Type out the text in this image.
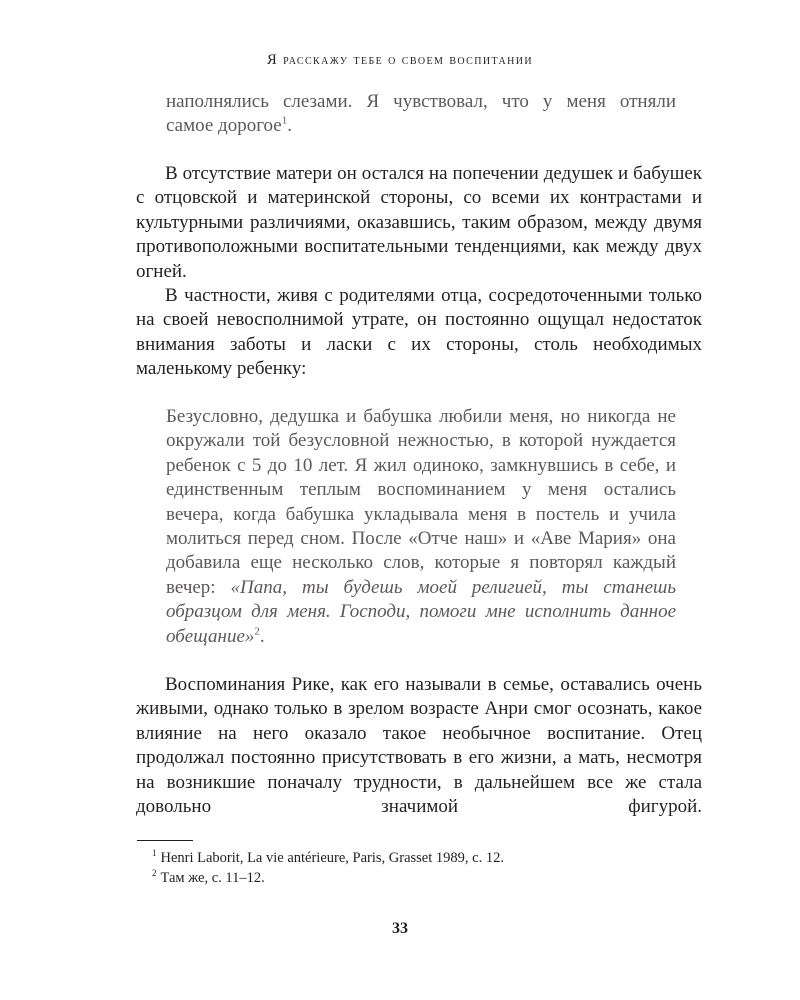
Я расскажу тебе о своем воспитании

наполнялись слезами. Я чувствовал, что у меня отняли

самое дорогое$^1$.

В отсутствие матери он остался на попечении дедушек и бабушек с отцовской и материнской стороны, со всеми их контрастами и культурными различиями, оказавшись, таким образом, между двумя противоположными воспитательными тенденциями, как между двух огней.

В частности, живя с родителями отца, сосредоточенными только на своей невосполнимой утрате, он постоянно ощущал недостаток внимания заботы и ласки с их стороны, столь необходимых маленькому ребенку:

Безусловно, дедушка и бабушка любили меня, но никогда не окружали той безусловной нежностью, в которой нуждается ребенок с 5 до 10 лет. Я жил одиноко, замкнувшись в себе, и единственным теплым воспоминанием у меня остались вечера, когда бабушка укладывала меня в постель и учила молиться перед сном. После «Отче наш» и «Аве Мария» она добавила еще несколько слов, которые я повторял каждый вечер: «Папа, ты будешь моей религией, ты станешь образцом для меня. Господи, помоги мне исполнить данное обещание»$^2$.

Воспоминания Рике, как его называли в семье, оставались очень живыми, однако только в зрелом возрасте Анри смог осознать, какое влияние на него оказало такое необычное воспитание. Отец продолжал постоянно присутствовать в его жизни, а мать, несмотря на возникшие поначалу трудности, в дальнейшем все же стала довольно значимой фигурой.

$^1$ Henri Laborit, La vie antérieure, Paris, Grasset 1989, с. 12.
$^2$ Там же, с. 11–12.
33
